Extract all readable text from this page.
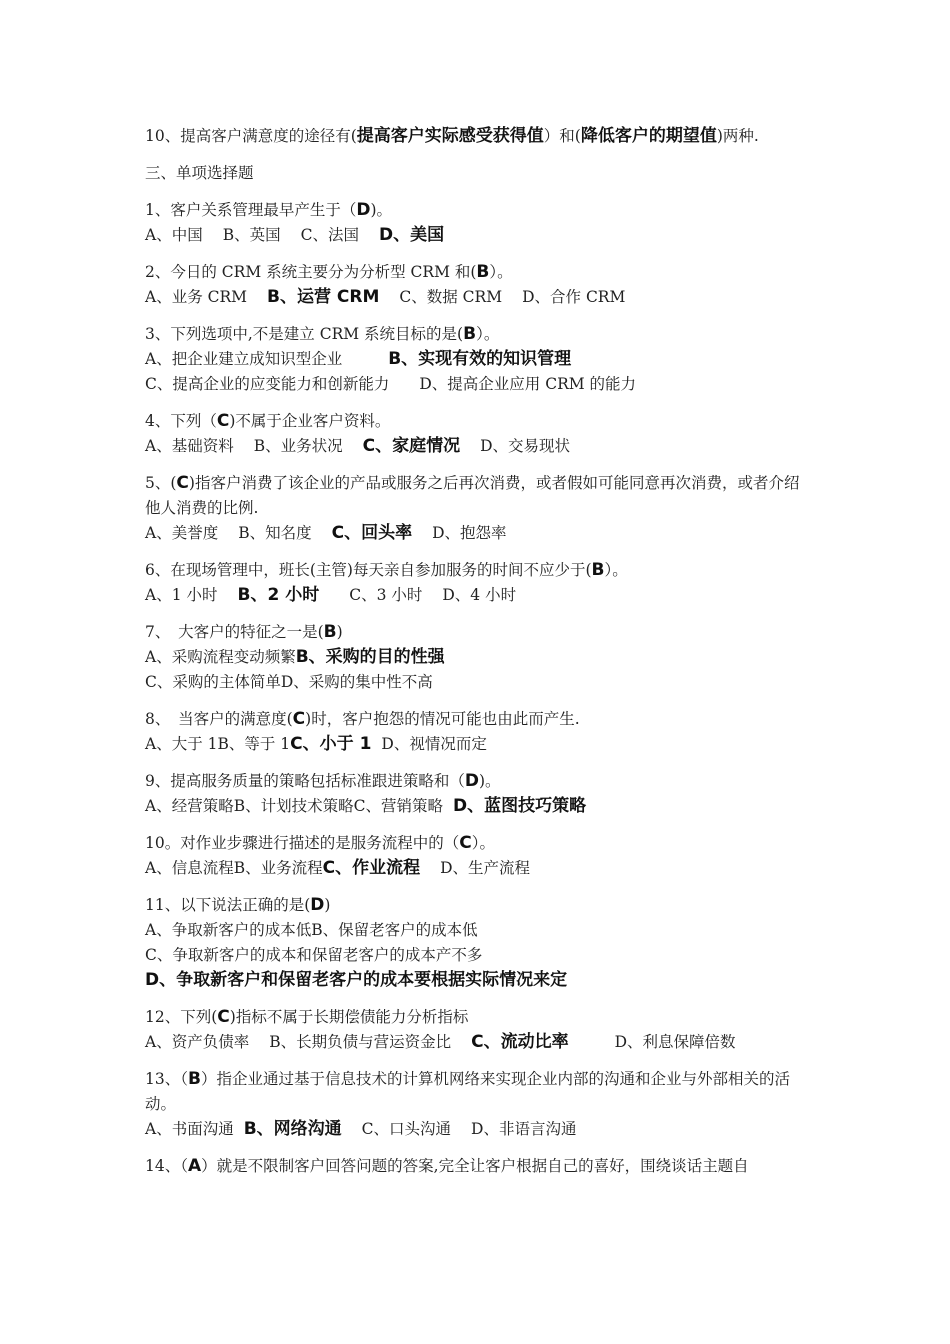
10、提高客户满意度的途径有(提高客户实际感受获得值）和(降低客户的期望值)两种.
三、单项选择题
1、客户关系管理最早产生于（D)。
A、中国 B、英国 C、法国 D、美国
2、今日的 CRM 系统主要分为分析型 CRM 和(B）。
A、业务 CRM B、运营 CRM C、数据 CRM D、合作 CRM
3、下列选项中,不是建立 CRM 系统目标的是(B）。
A、把企业建立成知识型企业	B、实现有效的知识管理
C、提高企业的应变能力和创新能力 D、提高企业应用 CRM 的能力
4、下列（C)不属于企业客户资料。
A、基础资料 B、业务状况 C、家庭情况 D、交易现状
5、(C)指客户消费了该企业的产品或服务之后再次消费，或者假如可能同意再次消费，或者介绍他人消费的比例.
A、美誉度 B、知名度 C、回头率 D、抱怨率
6、在现场管理中，班长(主管)每天亲自参加服务的时间不应少于(B）。
A、1 小时 B、2 小时 C、3 小时 D、4 小时
7、　大客户的特征之一是(B)
A、采购流程变动频繁B、采购的目的性强
C、采购的主体简单D、采购的集中性不高
8、　当客户的满意度(C)时，客户抱怨的情况可能也由此而产生.
A、大于 1B、等于 1C、小于 1 D、视情况而定
9、提高服务质量的策略包括标准跟进策略和（D)。
A、经营策略B、计划技术策略C、营销策略 D、蓝图技巧策略
10。对作业步骤进行描述的是服务流程中的（C）。
A、信息流程B、业务流程C、作业流程 D、生产流程
11、以下说法正确的是(D)
A、争取新客户的成本低B、保留老客户的成本低
C、争取新客户的成本和保留老客户的成本产不多
D、争取新客户和保留老客户的成本要根据实际情况来定
12、下列(C)指标不属于长期偿债能力分析指标
A、资产负债率 B、长期负债与营运资金比 C、流动比率	D、利息保障倍数
13、（B）指企业通过基于信息技术的计算机网络来实现企业内部的沟通和企业与外部相关的活动。
A、书面沟通 B、网络沟通 C、口头沟通 D、非语言沟通
14、（A）就是不限制客户回答问题的答案,完全让客户根据自己的喜好，围绕谈话主题自
